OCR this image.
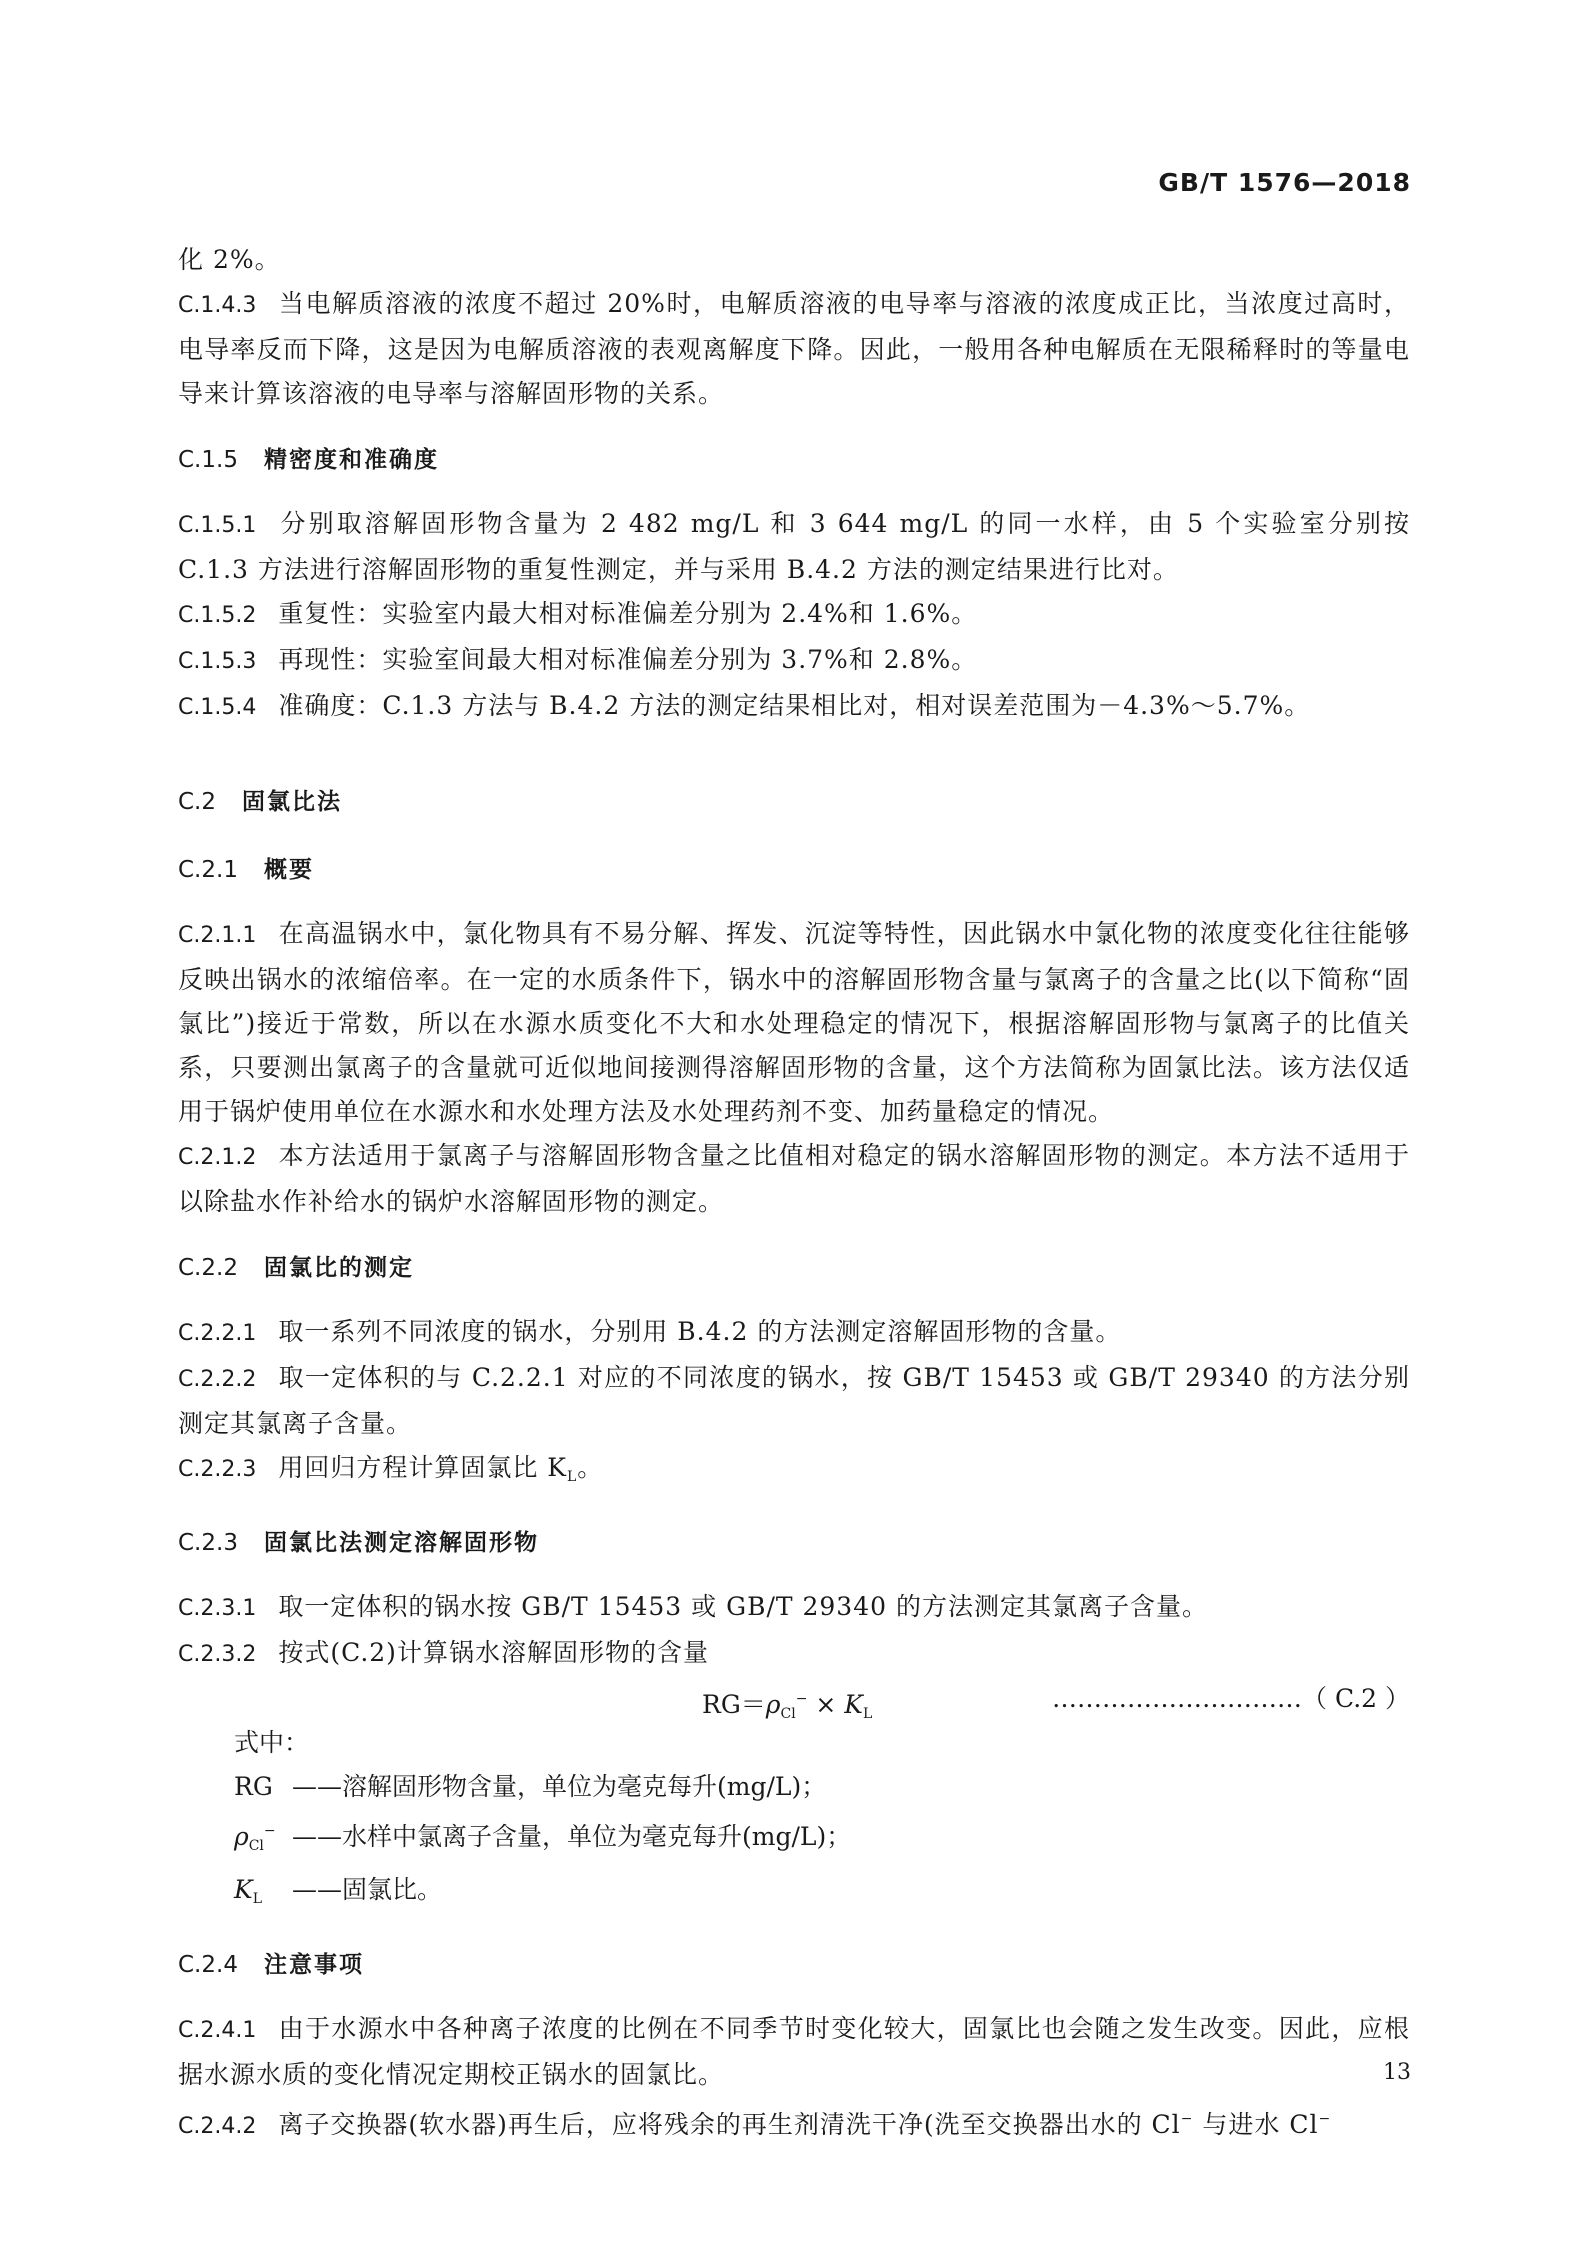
GB/T 1576—2018

化 2%。

C.1.4.3 当电解质溶液的浓度不超过 20%时，电解质溶液的电导率与溶液的浓度成正比，当浓度过高时，电导率反而下降，这是因为电解质溶液的表观离解度下降。因此，一般用各种电解质在无限稀释时的等量电导来计算该溶液的电导率与溶解固形物的关系。

C.1.5 精密度和准确度

C.1.5.1 分别取溶解固形物含量为 2 482 mg/L 和 3 644 mg/L 的同一水样，由 5 个实验室分别按 C.1.3 方法进行溶解固形物的重复性测定，并与采用 B.4.2 方法的测定结果进行比对。

C.1.5.2 重复性：实验室内最大相对标准偏差分别为 2.4%和 1.6%。

C.1.5.3 再现性：实验室间最大相对标准偏差分别为 3.7%和 2.8%。

C.1.5.4 准确度：C.1.3 方法与 B.4.2 方法的测定结果相比对，相对误差范围为－4.3%～5.7%。

C.2 固氯比法
C.2.1 概要

C.2.1.1 在高温锅水中，氯化物具有不易分解、挥发、沉淀等特性，因此锅水中氯化物的浓度变化往往能够反映出锅水的浓缩倍率。在一定的水质条件下，锅水中的溶解固形物含量与氯离子的含量之比(以下简称“固氯比”)接近于常数，所以在水源水质变化不大和水处理稳定的情况下，根据溶解固形物与氯离子的比值关系，只要测出氯离子的含量就可近似地间接测得溶解固形物的含量，这个方法简称为固氯比法。该方法仅适用于锅炉使用单位在水源水和水处理方法及水处理药剂不变、加药量稳定的情况。

C.2.1.2 本方法适用于氯离子与溶解固形物含量之比值相对稳定的锅水溶解固形物的测定。本方法不适用于以除盐水作补给水的锅炉水溶解固形物的测定。

C.2.2 固氯比的测定

C.2.2.1 取一系列不同浓度的锅水，分别用 B.4.2 的方法测定溶解固形物的含量。

C.2.2.2 取一定体积的与 C.2.2.1 对应的不同浓度的锅水，按 GB/T 15453 或 GB/T 29340 的方法分别测定其氯离子含量。

C.2.2.3 用回归方程计算固氯比 $K_L$。

C.2.3 固氯比法测定溶解固形物

C.2.3.1 取一定体积的锅水按 GB/T 15453 或 GB/T 29340 的方法测定其氯离子含量。

C.2.3.2 按式(C.2)计算锅水溶解固形物的含量

$RG=\rho_{Cl}^- \times K_L$
…………………………（ C.2 ）
式中：
RG ——溶解固形物含量，单位为毫克每升(mg/L)；
$\rho_{Cl}^-$ ——水样中氯离子含量，单位为毫克每升(mg/L)；
$K_L$ ——固氯比。
C.2.4 注意事项

C.2.4.1 由于水源水中各种离子浓度的比例在不同季节时变化较大，固氯比也会随之发生改变。因此，应根据水源水质的变化情况定期校正锅水的固氯比。

C.2.4.2 离子交换器(软水器)再生后，应将残余的再生剂清洗干净(洗至交换器出水的 Cl− 与进水 Cl−

13
